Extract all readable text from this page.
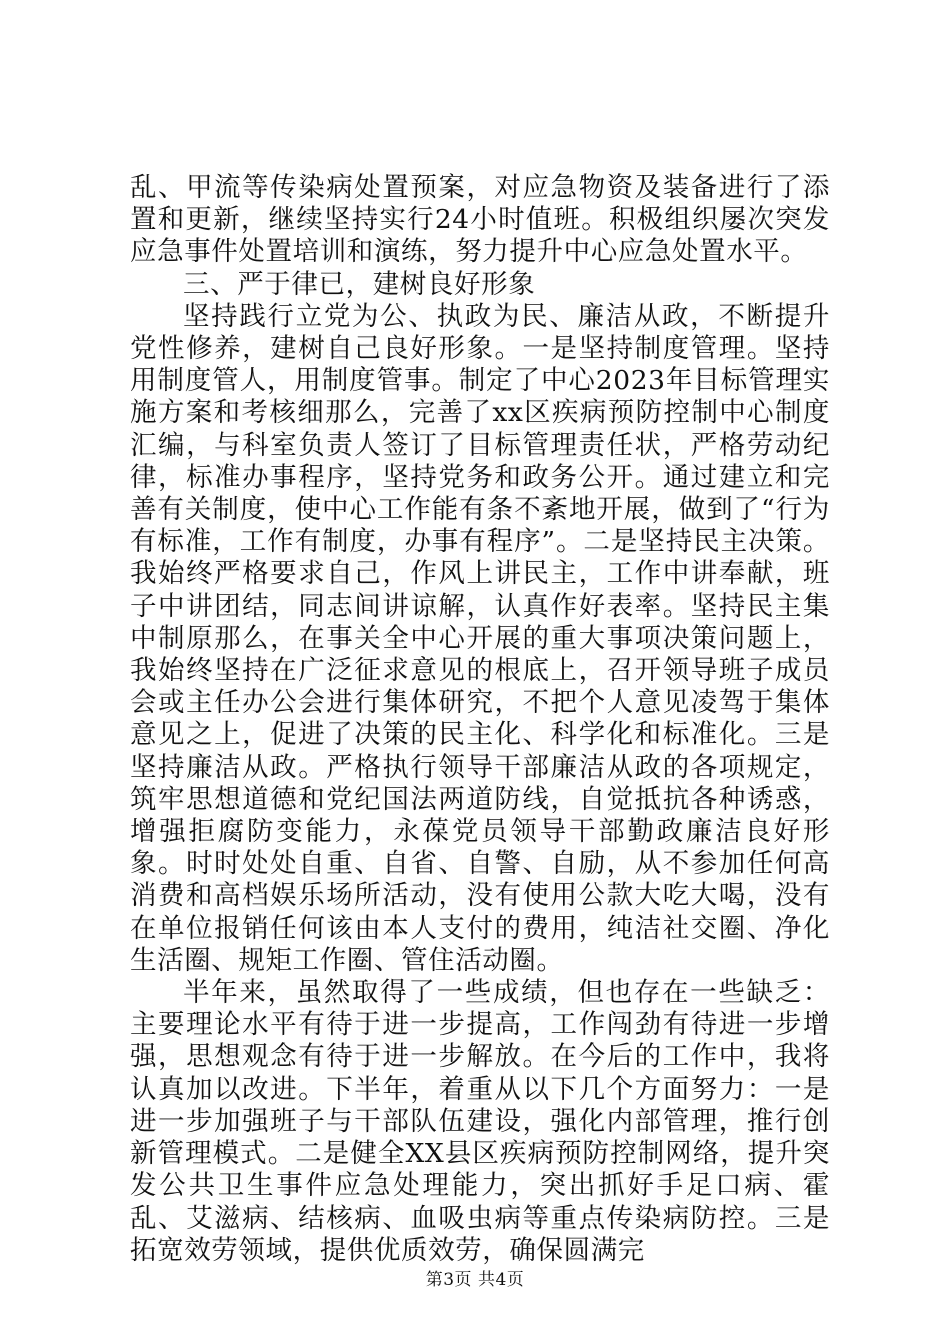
乱、甲流等传染病处置预案，对应急物资及装备进行了添置和更新，继续坚持实行24小时值班。积极组织屡次突发应急事件处置培训和演练，努力提升中心应急处置水平。

三、严于律已，建树良好形象

坚持践行立党为公、执政为民、廉洁从政，不断提升党性修养，建树自己良好形象。一是坚持制度管理。坚持用制度管人，用制度管事。制定了中心2023年目标管理实施方案和考核细那么，完善了xx区疾病预防控制中心制度汇编，与科室负责人签订了目标管理责任状，严格劳动纪律，标准办事程序，坚持党务和政务公开。通过建立和完善有关制度，使中心工作能有条不紊地开展，做到了“行为有标准，工作有制度，办事有程序”。二是坚持民主决策。我始终严格要求自己，作风上讲民主，工作中讲奉献，班子中讲团结，同志间讲谅解，认真作好表率。坚持民主集中制原那么，在事关全中心开展的重大事项决策问题上，我始终坚持在广泛征求意见的根底上，召开领导班子成员会或主任办公会进行集体研究，不把个人意见凌驾于集体意见之上，促进了决策的民主化、科学化和标准化。三是坚持廉洁从政。严格执行领导干部廉洁从政的各项规定，筑牢思想道德和党纪国法两道防线，自觉抵抗各种诱惑，增强拒腐防变能力，永葆党员领导干部勤政廉洁良好形象。时时处处自重、自省、自警、自励，从不参加任何高消费和高档娱乐场所活动，没有使用公款大吃大喝，没有在单位报销任何该由本人支付的费用，纯洁社交圈、净化生活圈、规矩工作圈、管住活动圈。

半年来，虽然取得了一些成绩，但也存在一些缺乏：主要理论水平有待于进一步提高，工作闯劲有待进一步增强，思想观念有待于进一步解放。在今后的工作中，我将认真加以改进。下半年，着重从以下几个方面努力：一是进一步加强班子与干部队伍建设，强化内部管理，推行创新管理模式。二是健全XX县区疾病预防控制网络，提升突发公共卫生事件应急处理能力，突出抓好手足口病、霍乱、艾滋病、结核病、血吸虫病等重点传染病防控。三是拓宽效劳领域，提供优质效劳，确保圆满完

第3页 共4页
